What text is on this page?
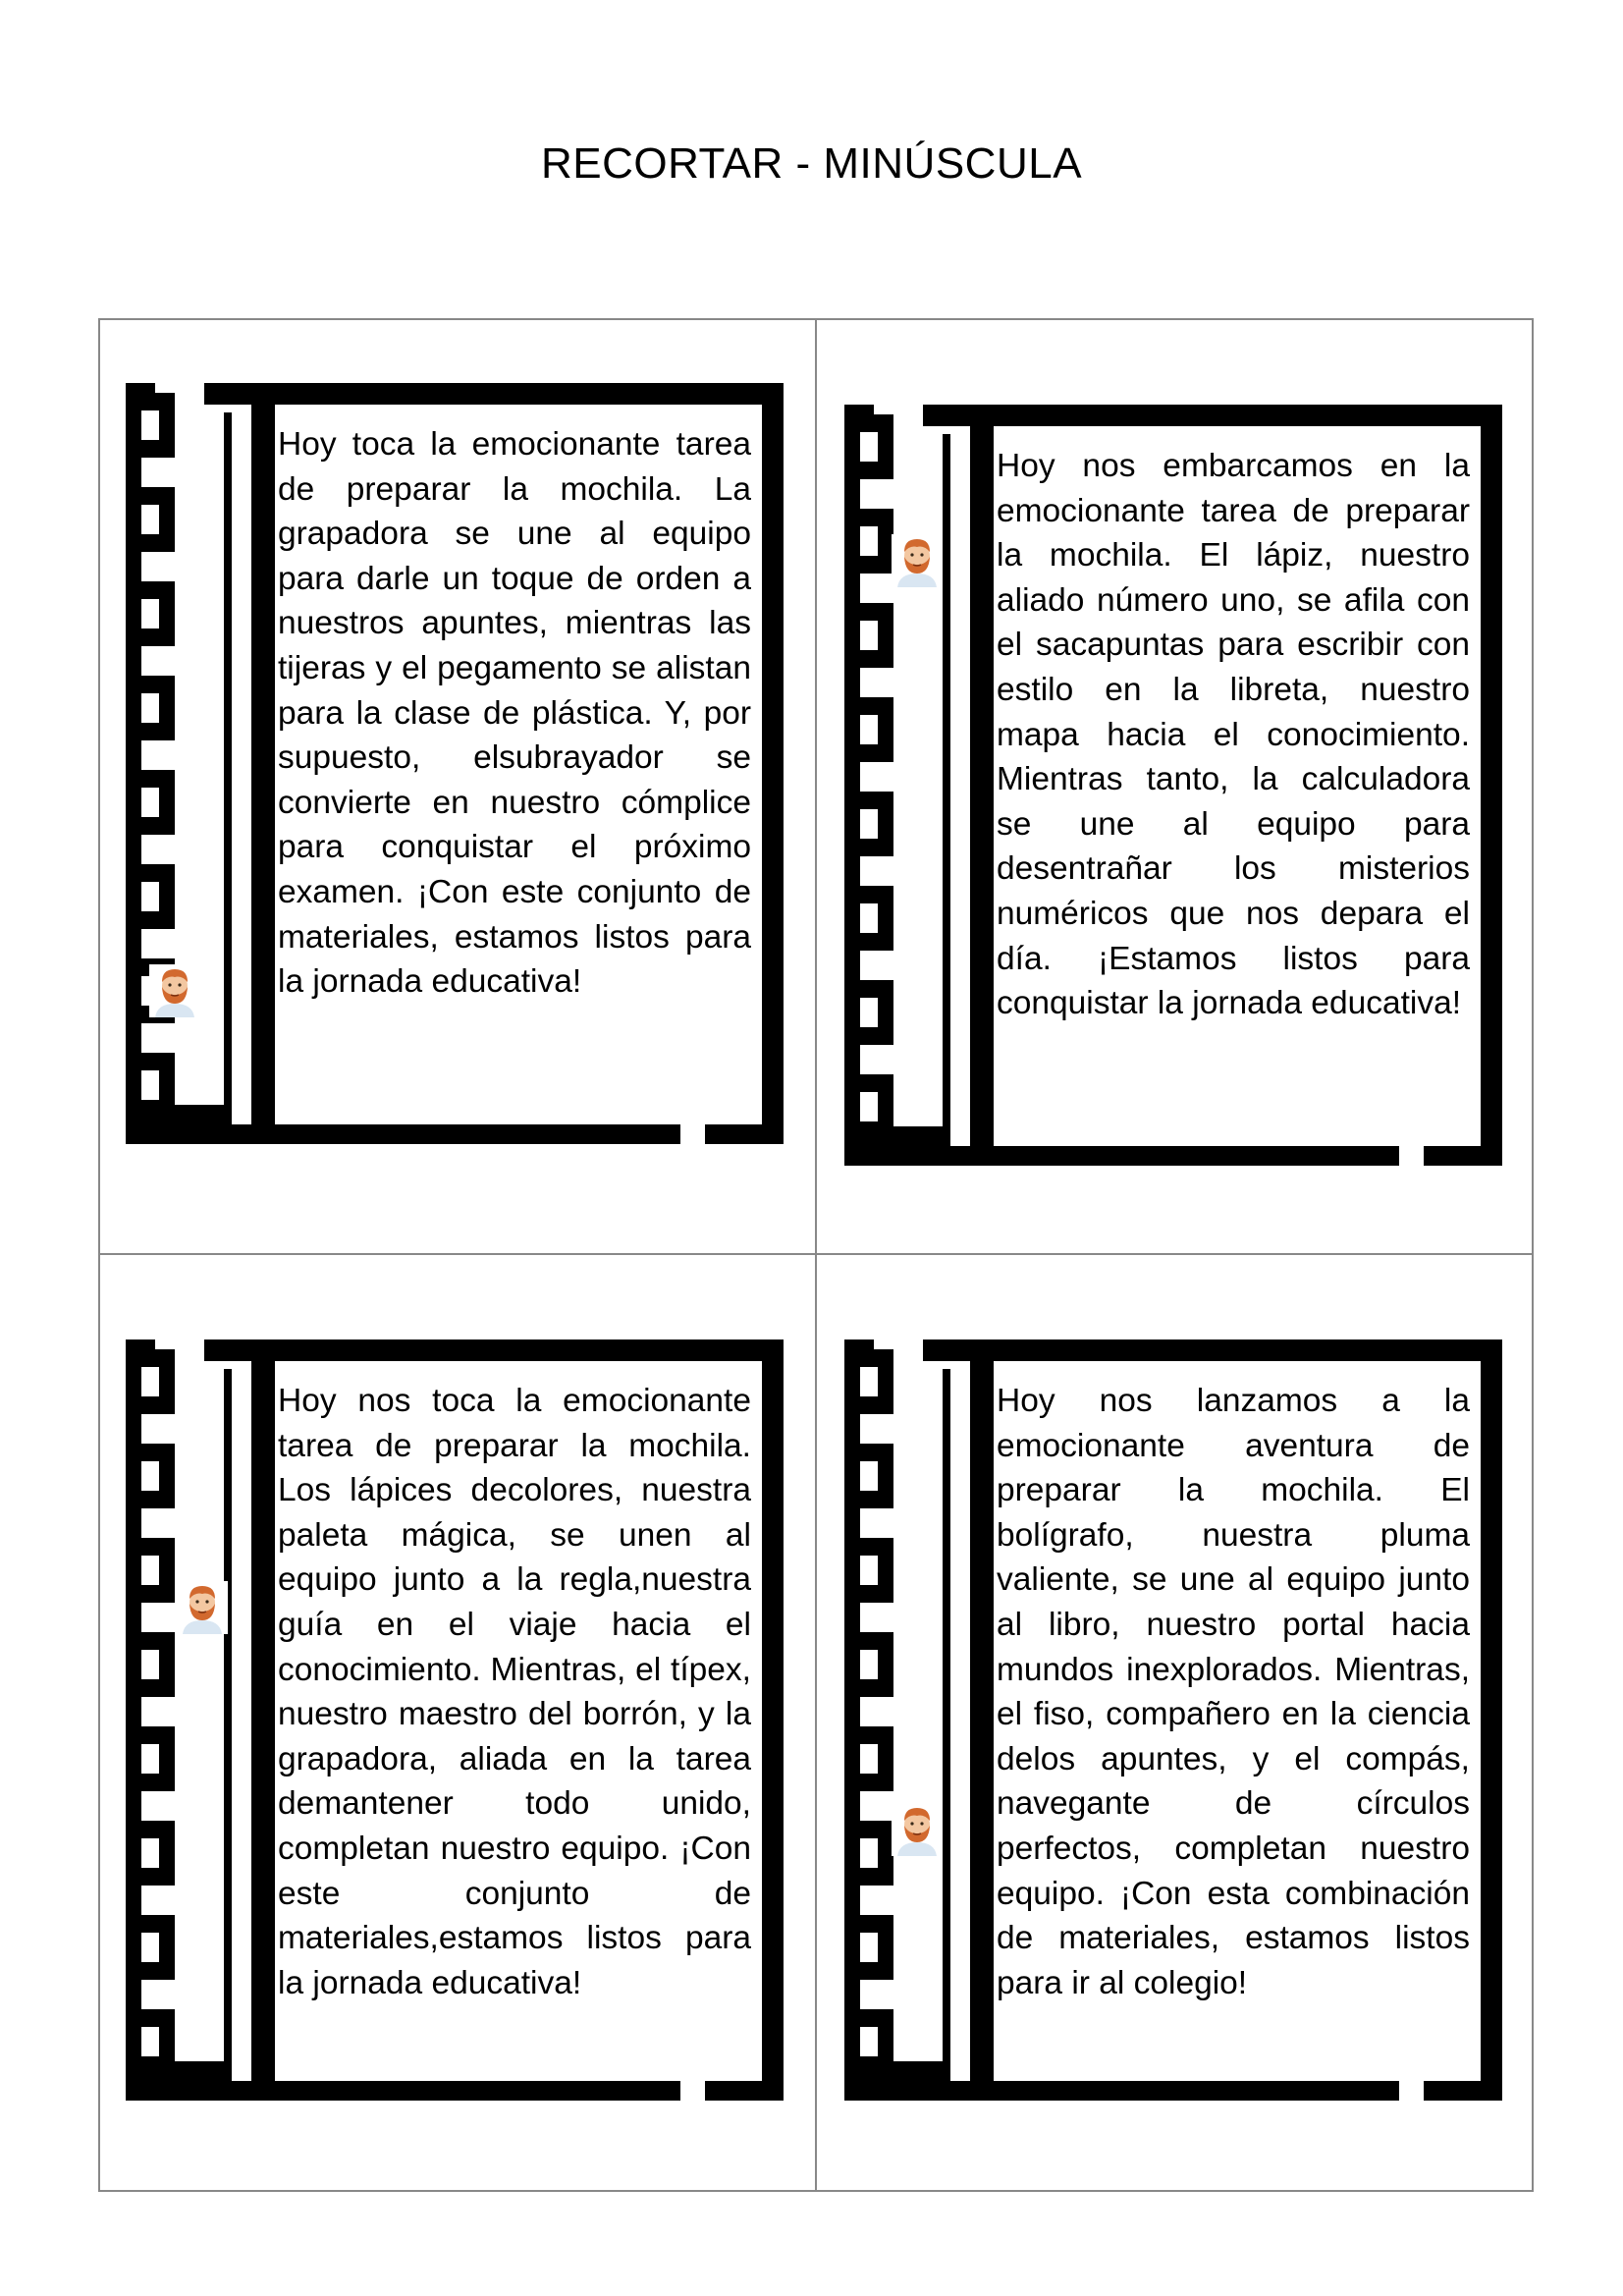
RECORTAR - MINÚSCULA

Hoy toca la emocionante tarea de preparar la mochila. La grapadora se une al equipo para darle un toque de orden a nuestros apuntes, mientras las tijeras y el pegamento se alistan para la clase de plástica. Y, por supuesto, elsubrayador se convierte en nuestro cómplice para conquistar el próximo examen. ¡Con este conjunto de materiales, estamos listos para la jornada educativa!

Hoy nos embarcamos en la emocionante tarea de preparar la mochila. El lápiz, nuestro aliado número uno, se afila con el sacapuntas para escribir con estilo en la libreta, nuestro mapa hacia el conocimiento. Mientras tanto, la calculadora se une al equipo para desentrañar los misterios numéricos que nos depara el día. ¡Estamos listos para conquistar la jornada educativa!

Hoy nos toca la emocionante tarea de preparar la mochila. Los lápices decolores, nuestra paleta mágica, se unen al equipo junto a la regla,nuestra guía en el viaje hacia el conocimiento. Mientras, el típex, nuestro maestro del borrón, y la grapadora, aliada en la tarea demantener todo unido, completan nuestro equipo. ¡Con este conjunto de materiales,estamos listos para la jornada educativa!

Hoy nos lanzamos a la emocionante aventura de preparar la mochila. El bolígrafo, nuestra pluma valiente, se une al equipo junto al libro, nuestro portal hacia mundos inexplorados. Mientras, el fiso, compañero en la ciencia delos apuntes, y el compás, navegante de círculos perfectos, completan nuestro equipo. ¡Con esta combinación de materiales, estamos listos para ir al colegio!
